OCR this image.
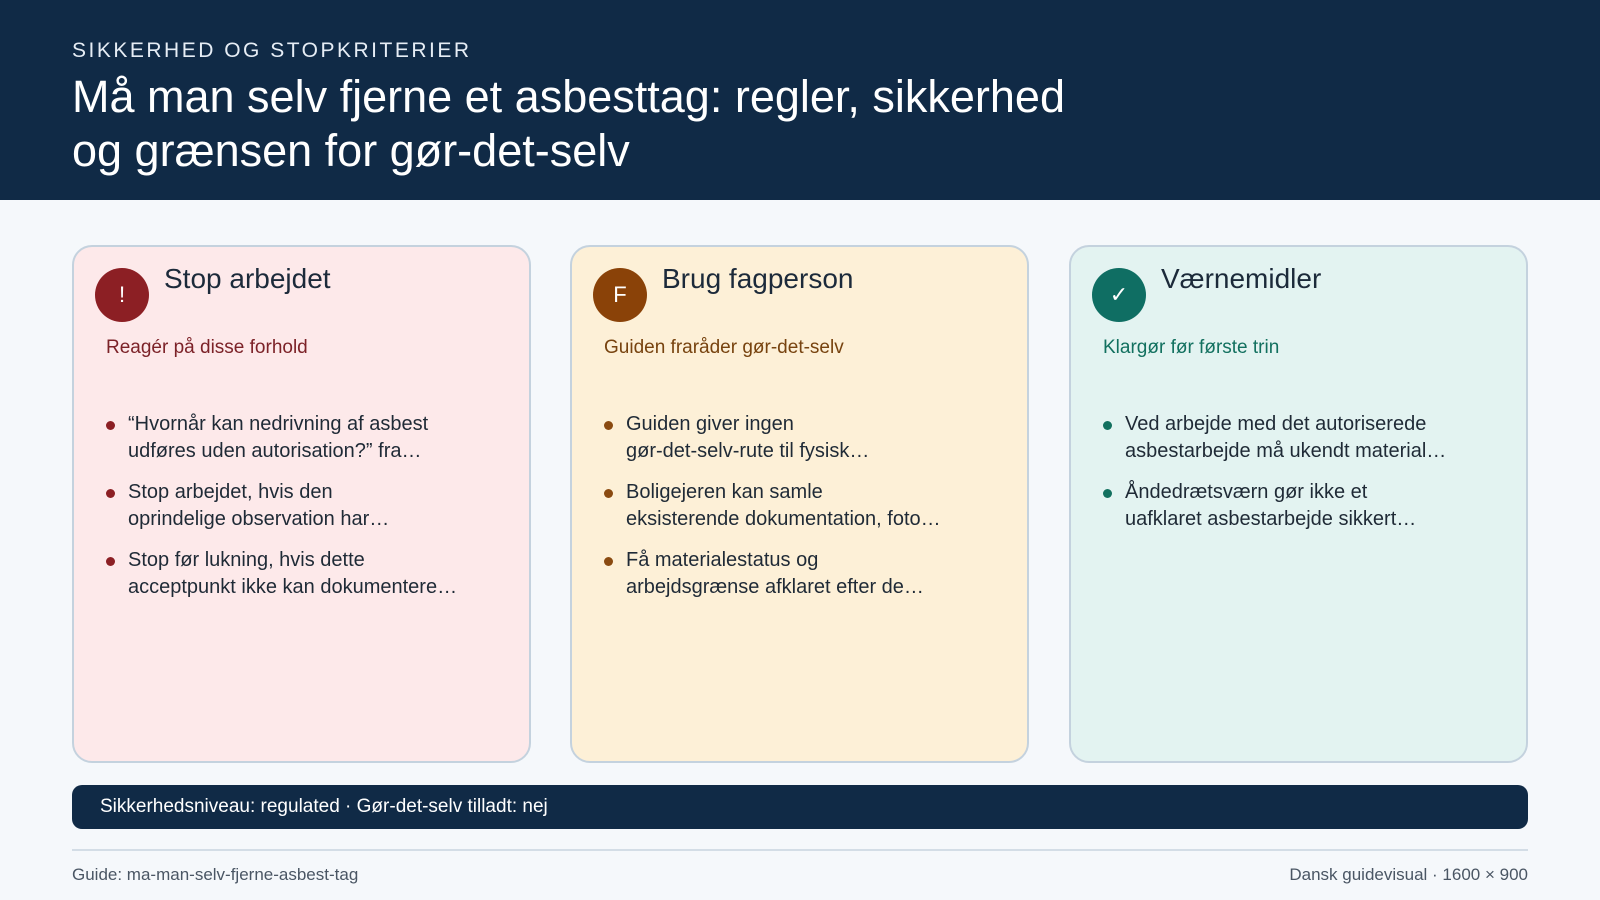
SIKKERHED OG STOPKRITERIER
Må man selv fjerne et asbesttag: regler, sikkerhed
og grænsen for gør-det-selv
!
Stop arbejdet
Reagér på disse forhold
“Hvornår kan nedrivning af asbest
udføres uden autorisation?” fra…
Stop arbejdet, hvis den
oprindelige observation har…
Stop før lukning, hvis dette
acceptpunkt ikke kan dokumentere…
F
Brug fagperson
Guiden fraråder gør-det-selv
Guiden giver ingen
gør-det-selv-rute til fysisk…
Boligejeren kan samle
eksisterende dokumentation, foto…
Få materialestatus og
arbejdsgrænse afklaret efter de…
✓
Værnemidler
Klargør før første trin
Ved arbejde med det autoriserede
asbestarbejde må ukendt material…
Åndedrætsværn gør ikke et
uafklaret asbestarbejde sikkert…
Sikkerhedsniveau: regulated · Gør-det-selv tilladt: nej
Guide: ma-man-selv-fjerne-asbest-tag	Dansk guidevisual · 1600 × 900
